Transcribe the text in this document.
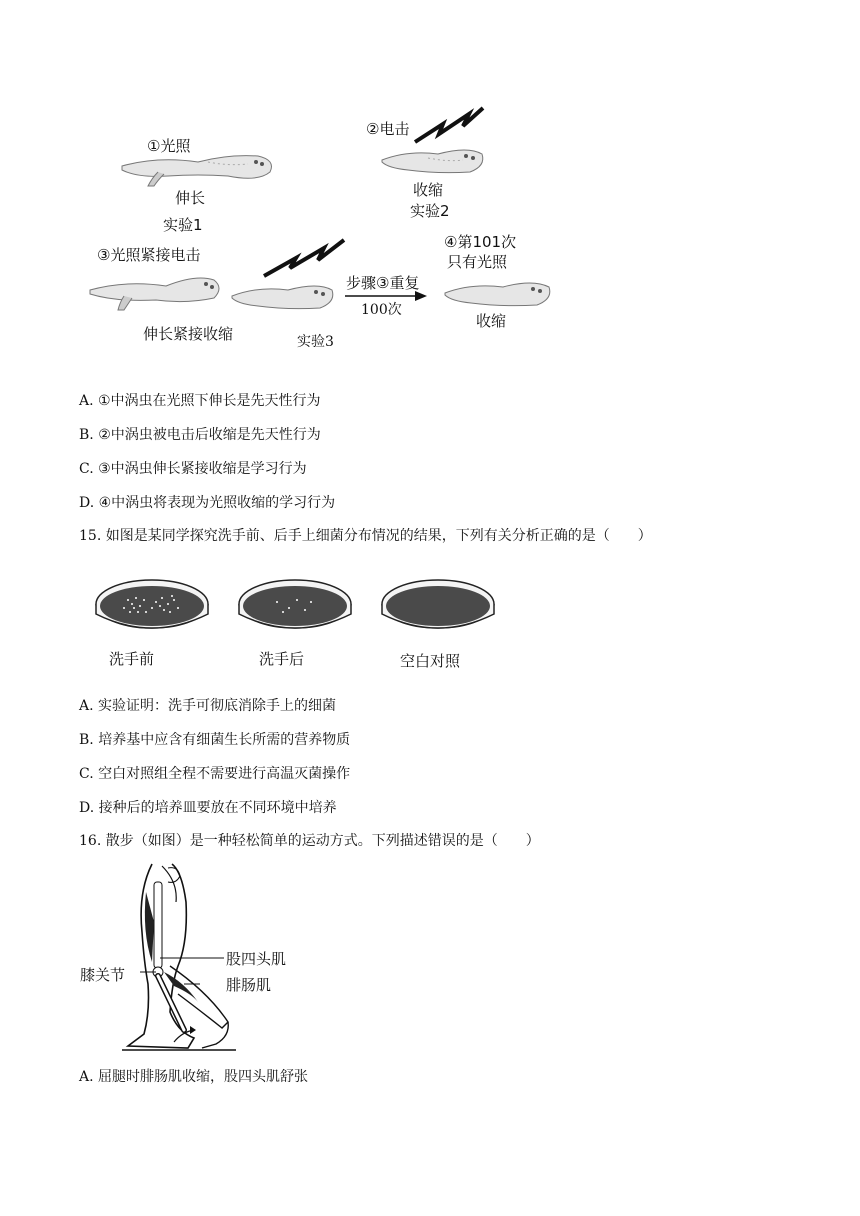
①光照
伸长
实验1
②电击
收缩
实验2
③光照紧接电击
伸长紧接收缩	实验3
步骤③重复
100次
④第101次
只有光照
收缩
A. ①中涡虫在光照下伸长是先天性行为
B. ②中涡虫被电击后收缩是先天性行为
C. ③中涡虫伸长紧接收缩是学习行为
D. ④中涡虫将表现为光照收缩的学习行为
15. 如图是某同学探究洗手前、后手上细菌分布情况的结果，下列有关分析正确的是（　　）
洗手前	洗手后	空白对照
A. 实验证明：洗手可彻底消除手上的细菌
B. 培养基中应含有细菌生长所需的营养物质
C. 空白对照组全程不需要进行高温灭菌操作
D. 接种后的培养皿要放在不同环境中培养
16. 散步（如图）是一种轻松简单的运动方式。下列描述错误的是（　　）
股四头肌
膝关节
腓肠肌
A. 屈腿时腓肠肌收缩，股四头肌舒张
